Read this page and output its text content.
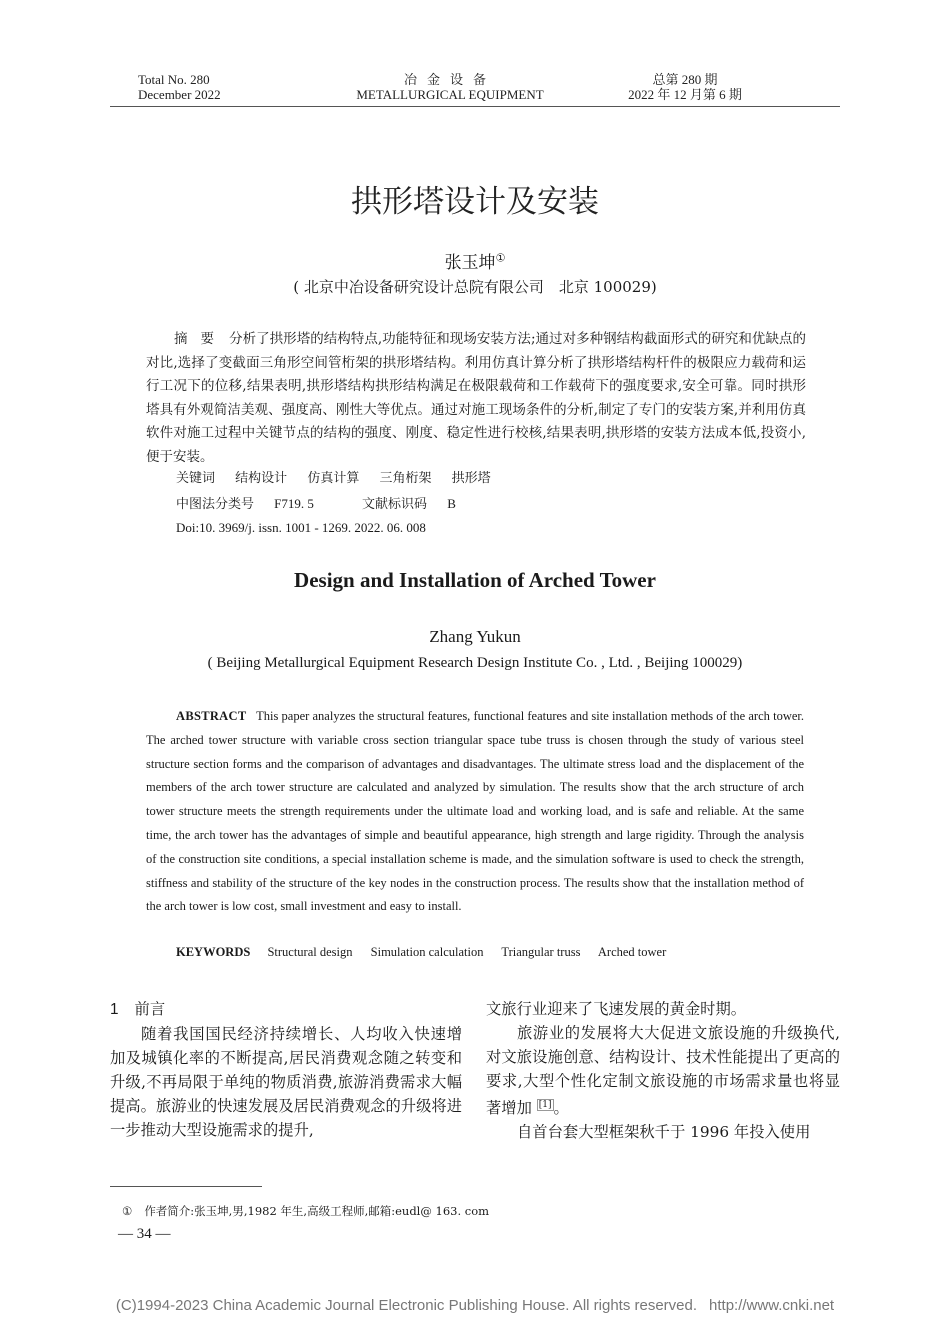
Total No. 280
December 2022
冶金设备
METALLURGICAL EQUIPMENT
总第 280 期
2022 年 12 月第 6 期
拱形塔设计及安装
张玉坤①
( 北京中冶设备研究设计总院有限公司　北京 100029)
摘要 分析了拱形塔的结构特点,功能特征和现场安装方法;通过对多种钢结构截面形式的研究和优缺点的对比,选择了变截面三角形空间管桁架的拱形塔结构。利用仿真计算分析了拱形塔结构杆件的极限应力载荷和运行工况下的位移,结果表明,拱形塔结构拱形结构满足在极限载荷和工作载荷下的强度要求,安全可靠。同时拱形塔具有外观简洁美观、强度高、刚性大等优点。通过对施工现场条件的分析,制定了专门的安装方案,并利用仿真软件对施工过程中关键节点的结构的强度、刚度、稳定性进行校核,结果表明,拱形塔的安装方法成本低,投资小,便于安装。
关键词 结构设计 仿真计算 三角桁架 拱形塔
中图法分类号 F719. 5	文献标识码 B
Doi:10. 3969/j. issn. 1001 - 1269. 2022. 06. 008
Design and Installation of Arched Tower
Zhang Yukun
( Beijing Metallurgical Equipment Research Design Institute Co. , Ltd. , Beijing 100029)
ABSTRACT This paper analyzes the structural features, functional features and site installation methods of the arch tower. The arched tower structure with variable cross section triangular space tube truss is chosen through the study of various steel structure section forms and the comparison of advantages and disadvantages. The ultimate stress load and the displacement of the members of the arch tower structure are calculated and analyzed by simulation. The results show that the arch structure of arch tower structure meets the strength requirements under the ultimate load and working load, and is safe and reliable. At the same time, the arch tower has the advantages of simple and beautiful appearance, high strength and large rigidity. Through the analysis of the construction site conditions, a special installation scheme is made, and the simulation software is used to check the strength, stiffness and stability of the structure of the key nodes in the construction process. The results show that the installation method of the arch tower is low cost, small investment and easy to install.
KEYWORDS Structural design Simulation calculation Triangular truss Arched tower
1 前言

随着我国国民经济持续增长、人均收入快速增加及城镇化率的不断提高,居民消费观念随之转变和升级,不再局限于单纯的物质消费,旅游消费需求大幅提高。旅游业的快速发展及居民消费观念的升级将进一步推动大型设施需求的提升,

文旅行业迎来了飞速发展的黄金时期。

旅游业的发展将大大促进文旅设施的升级换代,对文旅设施创意、结构设计、技术性能提出了更高的要求,大型个性化定制文旅设施的市场需求量也将显著增加 [1] 。

自首台套大型框架秋千于 1996 年投入使用

① 作者简介:张玉坤,男,1982 年生,高级工程师,邮箱:eudl@ 163. com
— 34 —
(C)1994-2023 China Academic Journal Electronic Publishing House. All rights reserved. http://www.cnki.net
